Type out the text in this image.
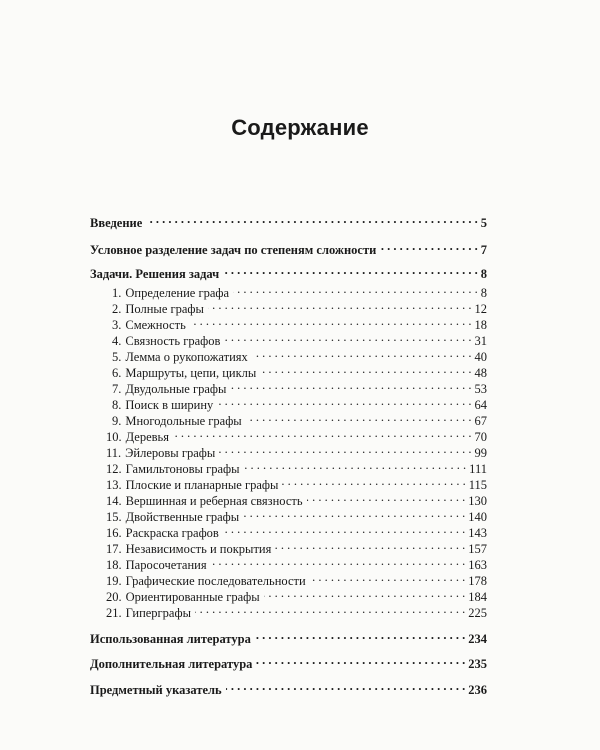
Содержание
Введение . . .	5
Условное разделение задач по степеням сложности . . .	7
Задачи. Решения задач . . .	8
1. Определение графа . . .	8
2. Полные графы . . .	12
3. Смежность . . .	18
4. Связность графов . . .	31
5. Лемма о рукопожатиях . . .	40
6. Маршруты, цепи, циклы . . .	48
7. Двудольные графы . . .	53
8. Поиск в ширину . . .	64
9. Многодольные графы . . .	67
10. Деревья . . .	70
11. Эйлеровы графы . . .	99
12. Гамильтоновы графы . . .	111
13. Плоские и планарные графы . . .	115
14. Вершинная и реберная связность . . .	130
15. Двойственные графы . . .	140
16. Раскраска графов . . .	143
17. Независимость и покрытия . . .	157
18. Паросочетания . . .	163
19. Графические последовательности . . .	178
20. Ориентированные графы . . .	184
21. Гиперграфы . . .	225
Использованная литература . . .	234
Дополнительная литература . . .	235
Предметный указатель . . .	236
